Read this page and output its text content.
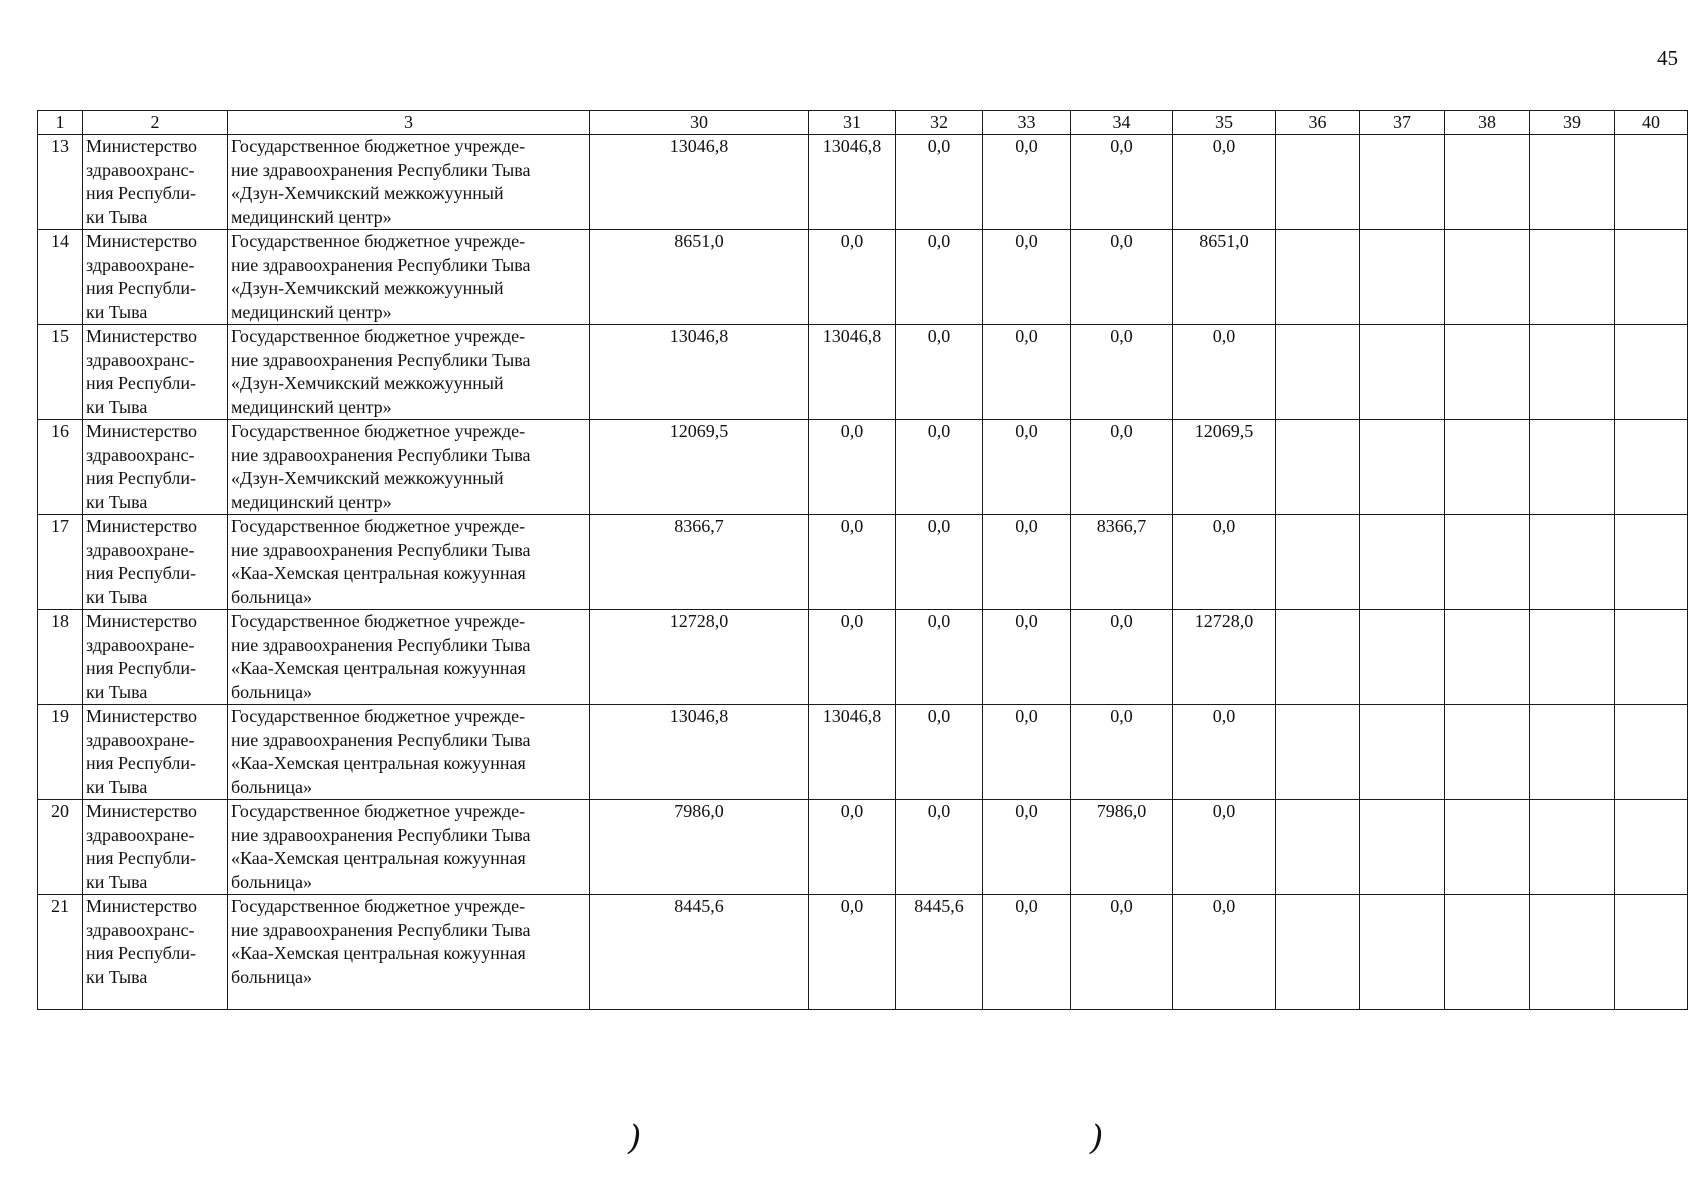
45
1	2	3	30	31	32	33	34	35	36	37	38	39	40
13	Министерство
здравоохранс-
ния Республи-
ки Тыва	Государственное бюджетное учрежде-
ние здравоохранения Республики Тыва
«Дзун-Хемчикский межкожуунный
медицинский центр»	13046,8	13046,8	0,0	0,0	0,0	0,0					
14	Министерство
здравоохране-
ния Республи-
ки Тыва	Государственное бюджетное учрежде-
ние здравоохранения Республики Тыва
«Дзун-Хемчикский межкожуунный
медицинский центр»	8651,0	0,0	0,0	0,0	0,0	8651,0					
15	Министерство
здравоохранс-
ния Республи-
ки Тыва	Государственное бюджетное учрежде-
ние здравоохранения Республики Тыва
«Дзун-Хемчикский межкожуунный
медицинский центр»	13046,8	13046,8	0,0	0,0	0,0	0,0					
16	Министерство
здравоохранс-
ния Республи-
ки Тыва	Государственное бюджетное учрежде-
ние здравоохранения Республики Тыва
«Дзун-Хемчикский межкожуунный
медицинский центр»	12069,5	0,0	0,0	0,0	0,0	12069,5					
17	Министерство
здравоохране-
ния Республи-
ки Тыва	Государственное бюджетное учрежде-
ние здравоохранения Республики Тыва
«Каа-Хемская центральная кожуунная
больница»	8366,7	0,0	0,0	0,0	8366,7	0,0					
18	Министерство
здравоохране-
ния Республи-
ки Тыва	Государственное бюджетное учрежде-
ние здравоохранения Республики Тыва
«Каа-Хемская центральная кожуунная
больница»	12728,0	0,0	0,0	0,0	0,0	12728,0					
19	Министерство
здравоохране-
ния Республи-
ки Тыва	Государственное бюджетное учрежде-
ние здравоохранения Республики Тыва
«Каа-Хемская центральная кожуунная
больница»	13046,8	13046,8	0,0	0,0	0,0	0,0					
20	Министерство
здравоохране-
ния Республи-
ки Тыва	Государственное бюджетное учрежде-
ние здравоохранения Республики Тыва
«Каа-Хемская центральная кожуунная
больница»	7986,0	0,0	0,0	0,0	7986,0	0,0					
21	Министерство
здравоохранс-
ния Республи-
ки Тыва	Государственное бюджетное учрежде-
ние здравоохранения Республики Тыва
«Каа-Хемская центральная кожуунная
больница»	8445,6	0,0	8445,6	0,0	0,0	0,0					
)	)
